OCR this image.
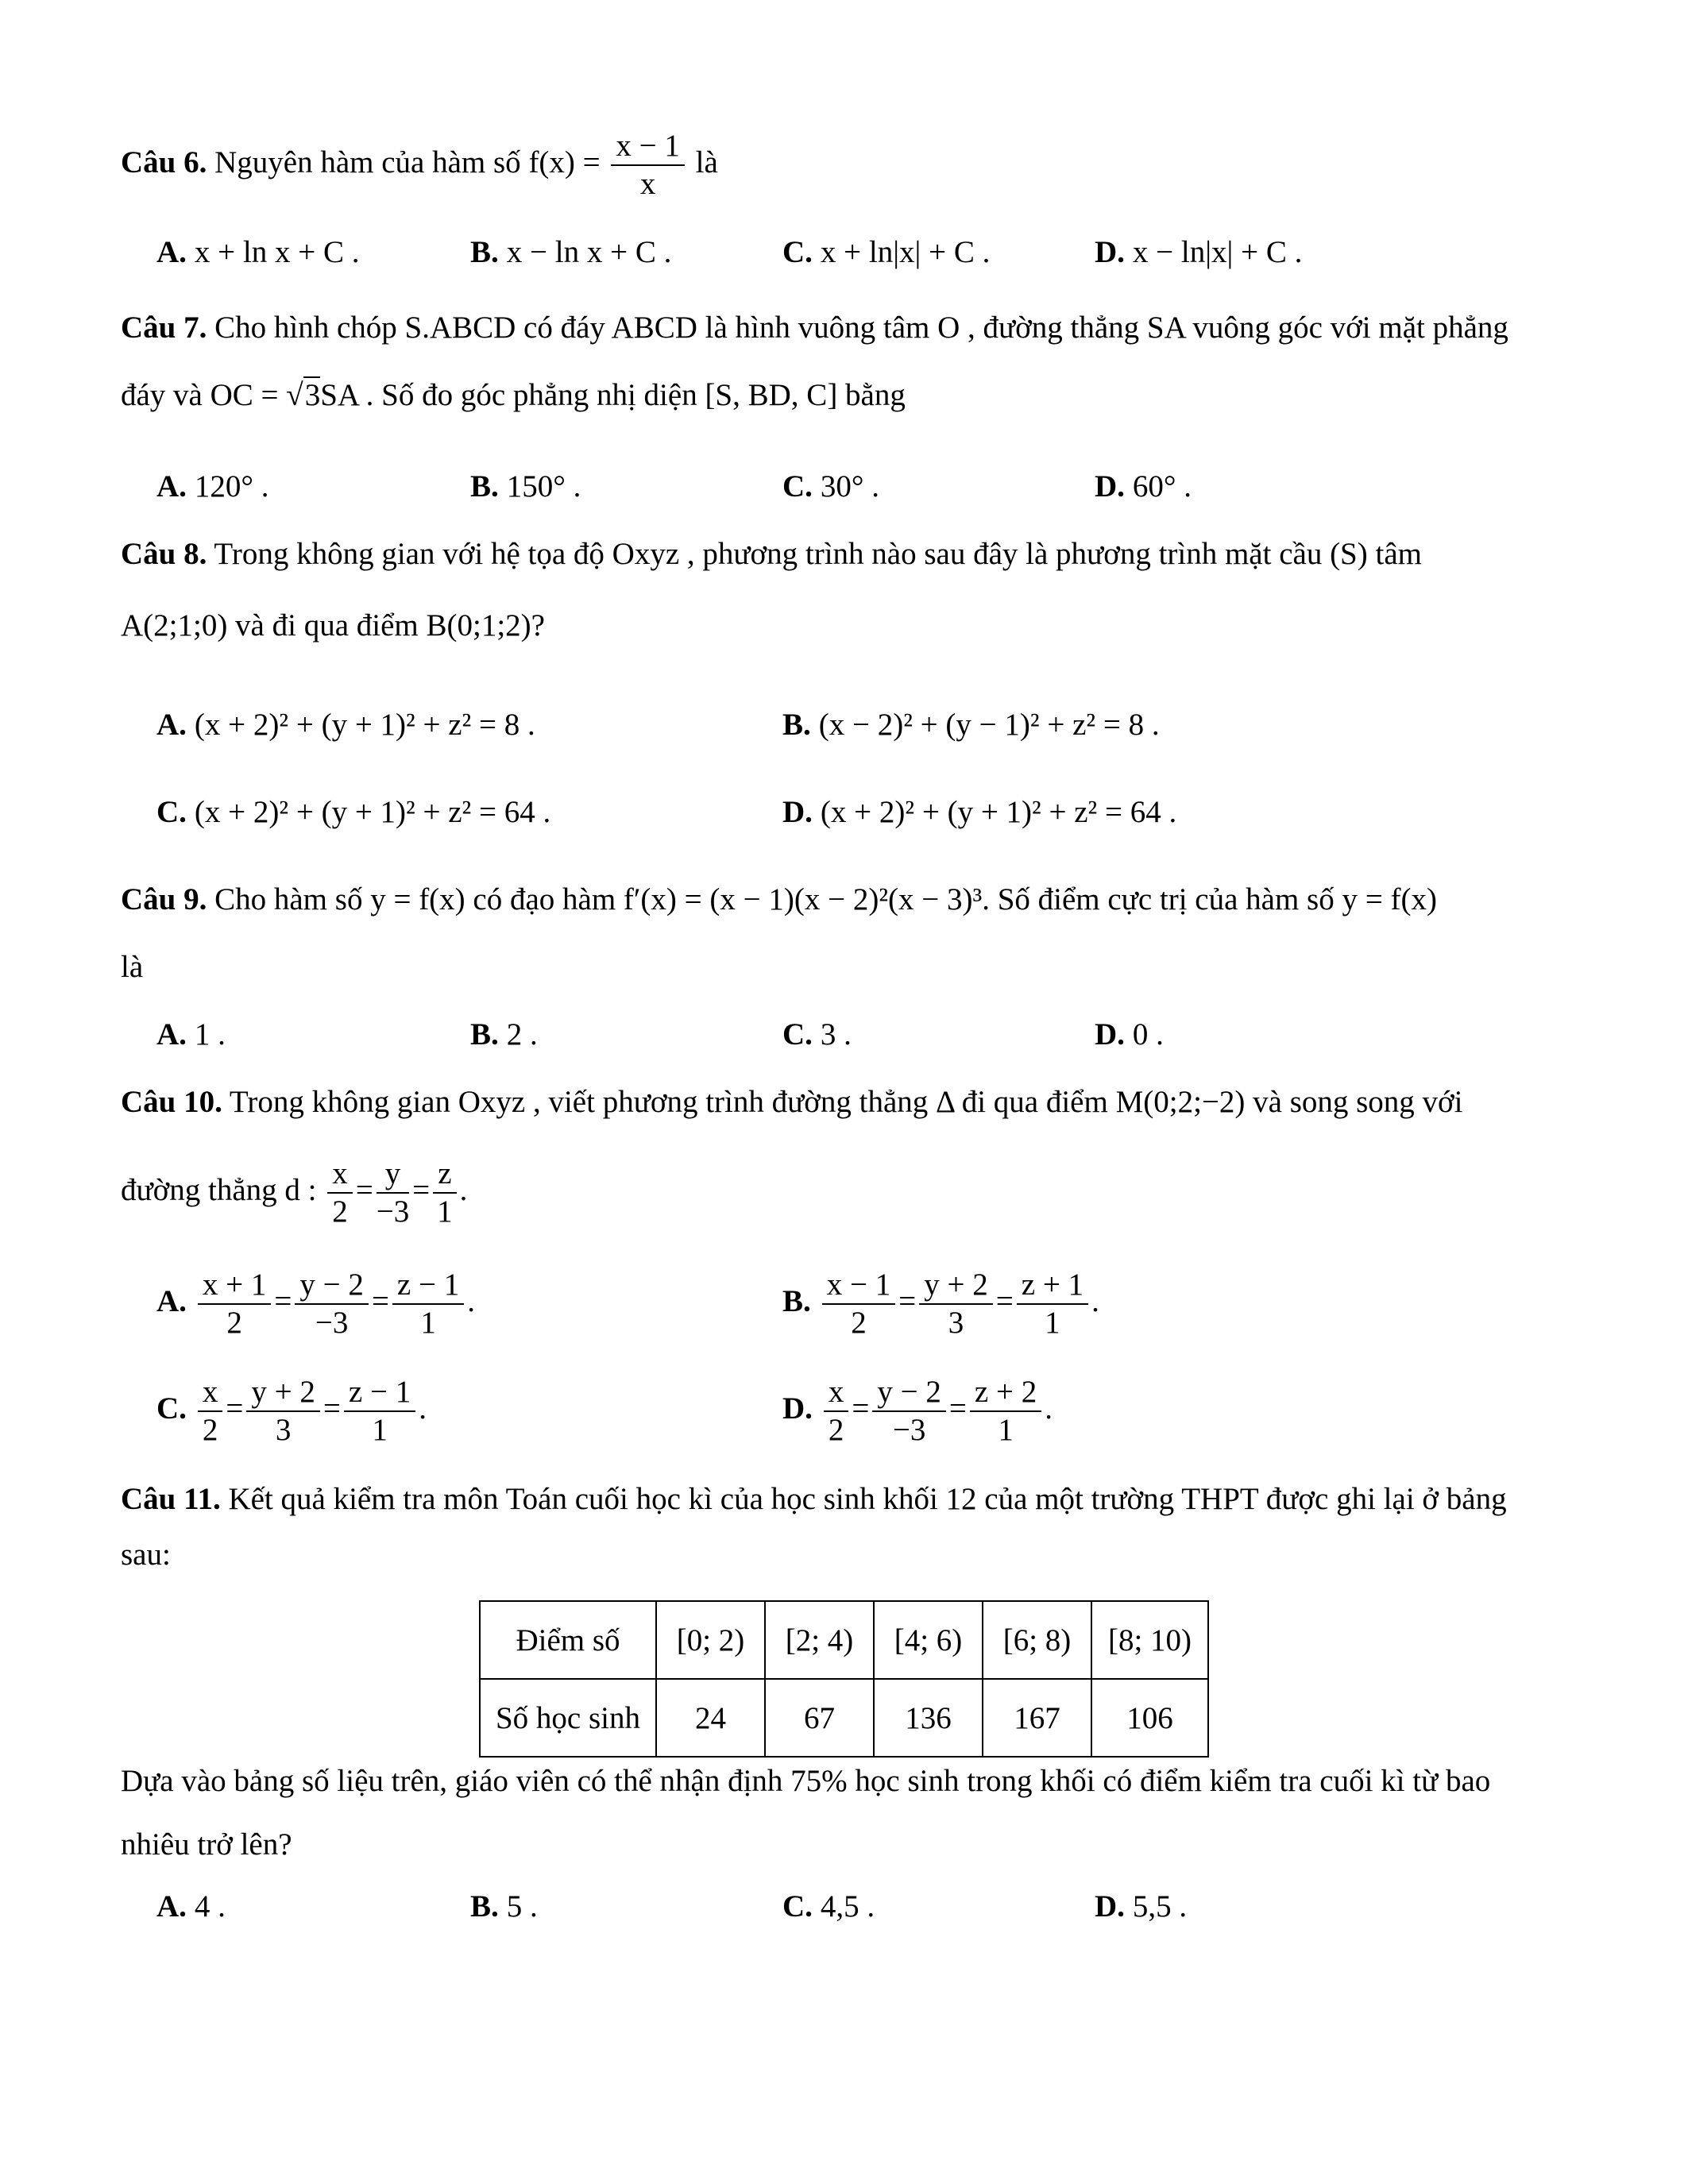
Câu 6. Nguyên hàm của hàm số $f(x) = \frac{x - 1}{x}$ là
A. x + ln x + C .	B. x − ln x + C .	C. x + ln|x| + C .	D. x − ln|x| + C .
Câu 7. Cho hình chóp S.ABCD có đáy ABCD là hình vuông tâm O , đường thẳng SA vuông góc với mặt phẳng
đáy và OC = √3SA . Số đo góc phẳng nhị diện [S, BD, C] bằng
A. 120° .	B. 150° .	C. 30° .	D. 60° .
Câu 8. Trong không gian với hệ tọa độ Oxyz , phương trình nào sau đây là phương trình mặt cầu (S) tâm
A(2;1;0) và đi qua điểm B(0;1;2)?
A. (x + 2)² + (y + 1)² + z² = 8 .	B. (x − 2)² + (y − 1)² + z² = 8 .
C. (x + 2)² + (y + 1)² + z² = 64 .	D. (x + 2)² + (y + 1)² + z² = 64 .
Câu 9. Cho hàm số y = f(x) có đạo hàm f′(x) = (x − 1)(x − 2)²(x − 3)³. Số điểm cực trị của hàm số y = f(x)
là
A. 1 .	B. 2 .	C. 3 .	D. 0 .
Câu 10. Trong không gian Oxyz , viết phương trình đường thẳng Δ đi qua điểm M(0;2;−2) và song song với
đường thẳng d : $\frac{x}{2} = \frac{y}{-3} = \frac{z}{1}$ .
A. $\frac{x + 1}{2} = \frac{y - 2}{-3} = \frac{z - 1}{1}$ .	B. $\frac{x - 1}{2} = \frac{y + 2}{3} = \frac{z + 1}{1}$ .
C. $\frac{x}{2} = \frac{y + 2}{3} = \frac{z - 1}{1}$ .	D. $\frac{x}{2} = \frac{y - 2}{-3} = \frac{z + 2}{1}$ .
Câu 11. Kết quả kiểm tra môn Toán cuối học kì của học sinh khối 12 của một trường THPT được ghi lại ở bảng
sau:
Điểm số	[0; 2)	[2; 4)	[4; 6)	[6; 8)	[8; 10)
Số học sinh	24	67	136	167	106
Dựa vào bảng số liệu trên, giáo viên có thể nhận định 75% học sinh trong khối có điểm kiểm tra cuối kì từ bao
nhiêu trở lên?
A. 4 .	B. 5 .	C. 4,5 .	D. 5,5 .
